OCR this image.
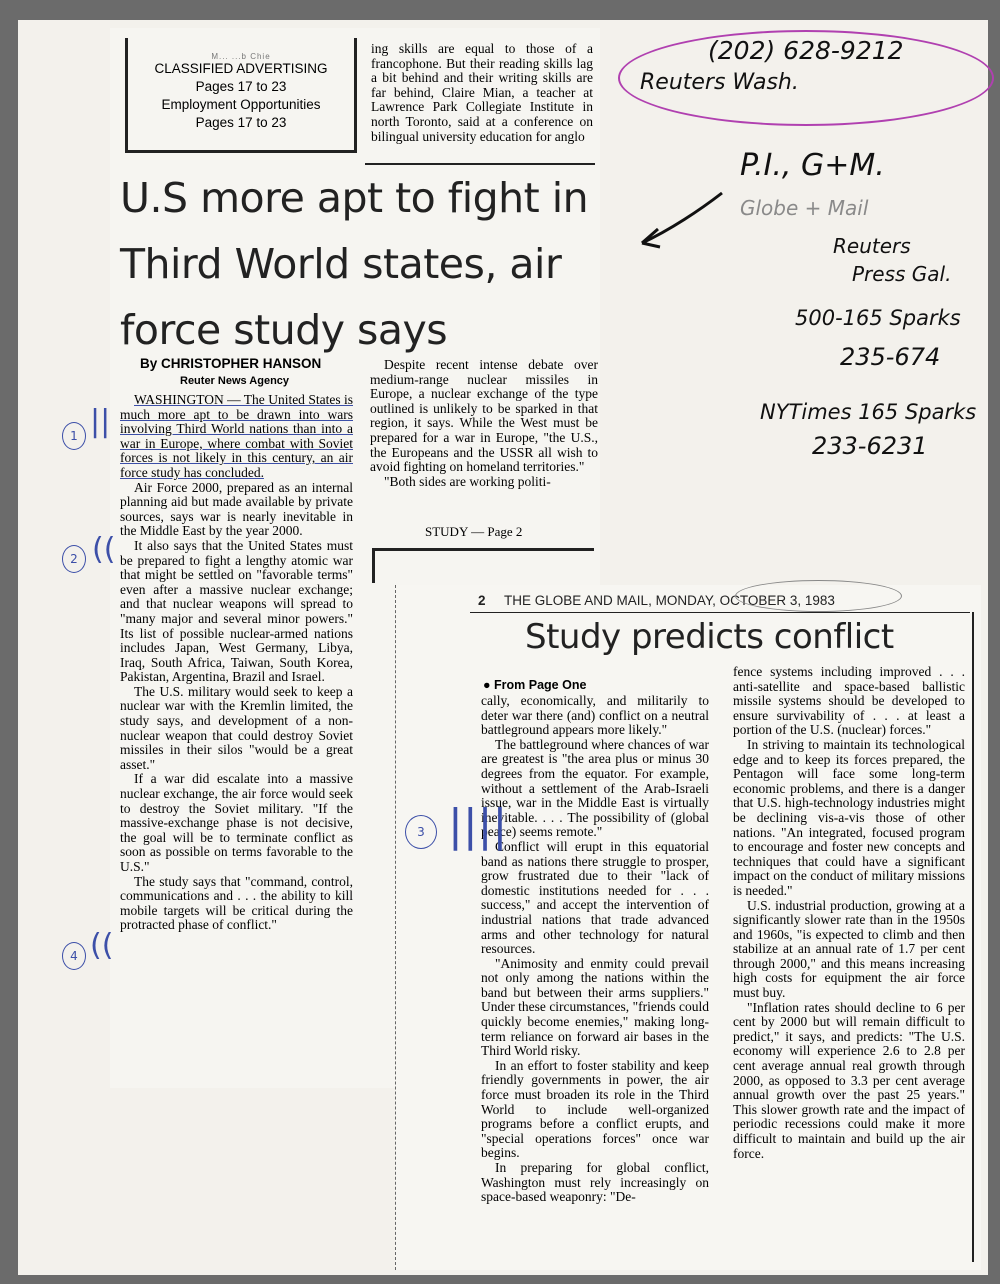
M... ...b Chie
CLASSIFIED ADVERTISING
Pages 17 to 23
Employment Opportunities
Pages 17 to 23

ing skills are equal to those of a francophone. But their reading skills lag a bit behind and their writing skills are far behind, Claire Mian, a teacher at Lawrence Park Collegiate Institute in north Toronto, said at a conference on bilingual university education for anglo

U.S more apt to fight in Third World states, air force study says
By CHRISTOPHER HANSON
Reuter News Agency

WASHINGTON — The United States is much more apt to be drawn into wars involving Third World nations than into a war in Europe, where combat with Soviet forces is not likely in this century, an air force study has concluded.

Air Force 2000, prepared as an internal planning aid but made available by private sources, says war is nearly inevitable in the Middle East by the year 2000.

It also says that the United States must be prepared to fight a lengthy atomic war that might be settled on "favorable terms" even after a massive nuclear exchange; and that nuclear weapons will spread to "many major and several minor powers." Its list of possible nuclear-armed nations includes Japan, West Germany, Libya, Iraq, South Africa, Taiwan, South Korea, Pakistan, Argentina, Brazil and Israel.

The U.S. military would seek to keep a nuclear war with the Kremlin limited, the study says, and development of a non-nuclear weapon that could destroy Soviet missiles in their silos "would be a great asset."

If a war did escalate into a massive nuclear exchange, the air force would seek to destroy the Soviet military. "If the massive-exchange phase is not decisive, the goal will be to terminate conflict as soon as possible on terms favorable to the U.S."

The study says that "command, control, communications and . . . the ability to kill mobile targets will be critical during the protracted phase of conflict."

Despite recent intense debate over medium-range nuclear missiles in Europe, a nuclear exchange of the type outlined is unlikely to be sparked in that region, it says. While the West must be prepared for a war in Europe, "the U.S., the Europeans and the USSR all wish to avoid fighting on homeland territories."

"Both sides are working politi-

STUDY — Page 2
2 THE GLOBE AND MAIL, MONDAY, OCTOBER 3, 1983
Study predicts conflict
● From Page One

cally, economically, and militarily to deter war there (and) conflict on a neutral battleground appears more likely."

The battleground where chances of war are greatest is "the area plus or minus 30 degrees from the equator. For example, without a settlement of the Arab-Israeli issue, war in the Middle East is virtually inevitable. . . . The possibility of (global peace) seems remote."

Conflict will erupt in this equatorial band as nations there struggle to prosper, grow frustrated due to their "lack of domestic institutions needed for . . . success," and accept the intervention of industrial nations that trade advanced arms and other technology for natural resources.

"Animosity and enmity could prevail not only among the nations within the band but between their arms suppliers." Under these circumstances, "friends could quickly become enemies," making long-term reliance on forward air bases in the Third World risky.

In an effort to foster stability and keep friendly governments in power, the air force must broaden its role in the Third World to include well-organized programs before a conflict erupts, and "special operations forces" once war begins.

In preparing for global conflict, Washington must rely increasingly on space-based weaponry: "De-

fence systems including improved . . . anti-satellite and space-based ballistic missile systems should be developed to ensure survivability of . . . at least a portion of the U.S. (nuclear) forces."

In striving to maintain its technological edge and to keep its forces prepared, the Pentagon will face some long-term economic problems, and there is a danger that U.S. high-technology industries might be declining vis-a-vis those of other nations. "An integrated, focused program to encourage and foster new concepts and techniques that could have a significant impact on the conduct of military missions is needed."

U.S. industrial production, growing at a significantly slower rate than in the 1950s and 1960s, "is expected to climb and then stabilize at an annual rate of 1.7 per cent through 2000," and this means increasing high costs for equipment the air force must buy.

"Inflation rates should decline to 6 per cent by 2000 but will remain difficult to predict," it says, and predicts: "The U.S. economy will experience 2.6 to 2.8 per cent average annual real growth through 2000, as opposed to 3.3 per cent average annual growth over the past 25 years." This slower growth rate and the impact of periodic recessions could make it more difficult to maintain and build up the air force.

(202) 628-9212
Reuters Wash.
P.I., G+M.
Globe + Mail
Reuters
Press Gal.
500-165 Sparks
235-674
NYTimes 165 Sparks
233-6231
1 ||
2 ((
3 ||||
4 ((
